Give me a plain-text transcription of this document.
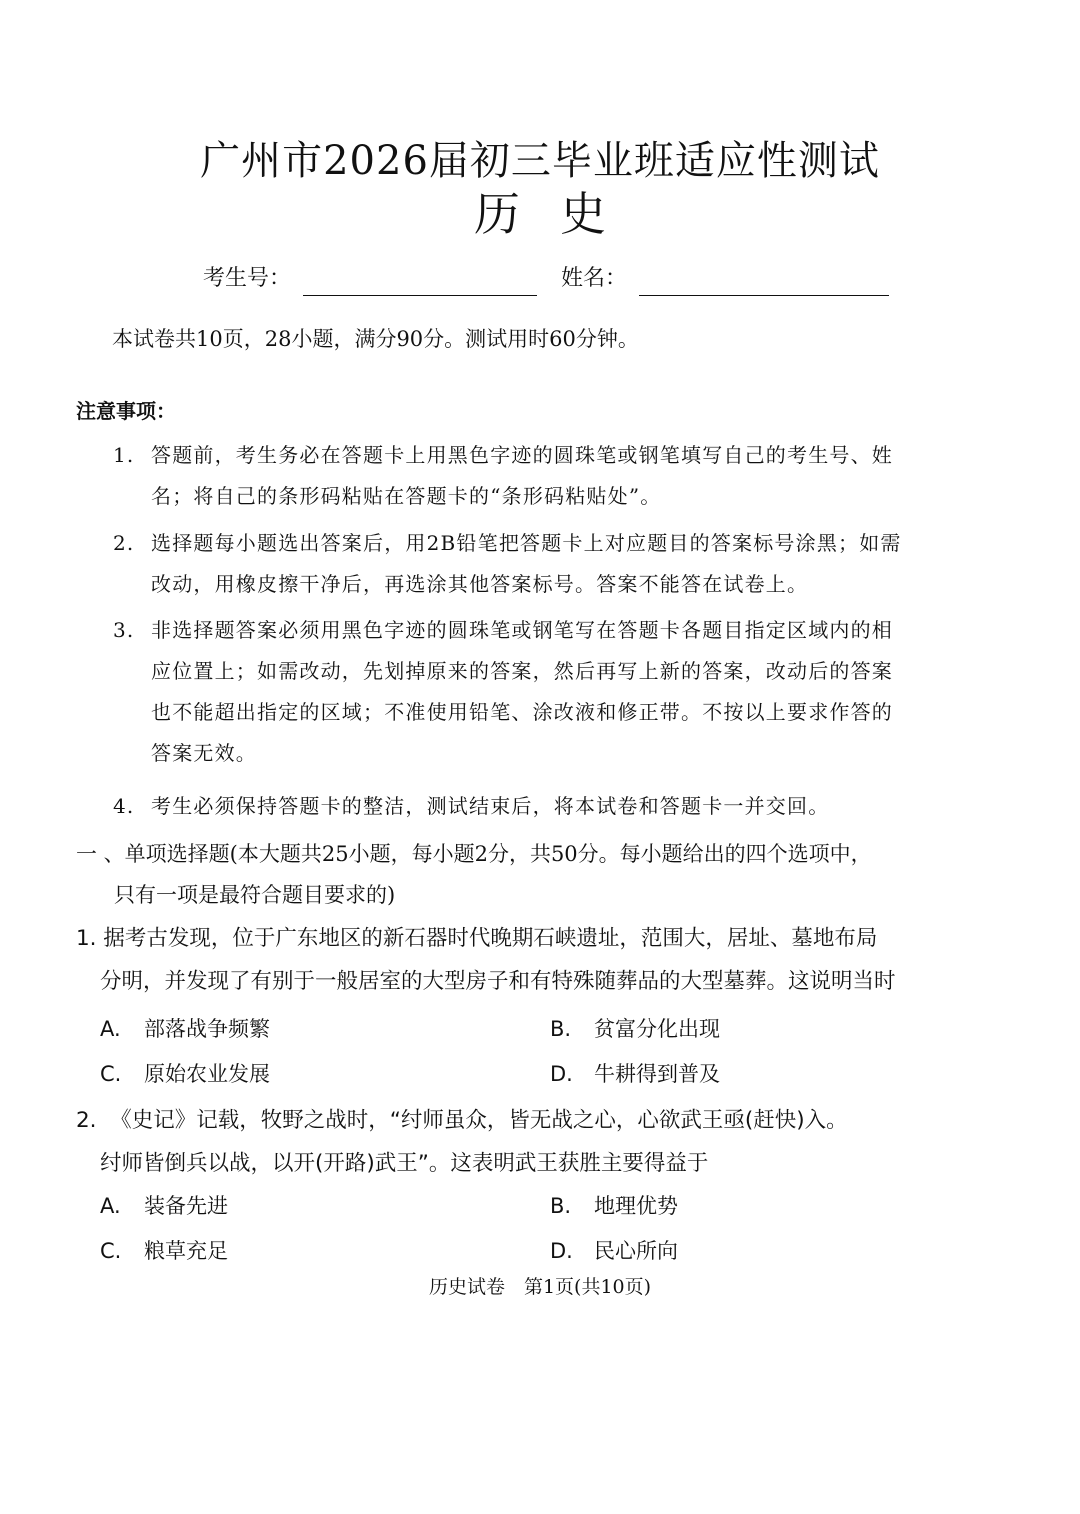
广州市2026届初三毕业班适应性测试
历史
考生号：	姓名：
本试卷共10页，28小题，满分90分。测试用时60分钟。
注意事项：
1. 答题前，考生务必在答题卡上用黑色字迹的圆珠笔或钢笔填写自己的考生号、姓
名；将自己的条形码粘贴在答题卡的“条形码粘贴处”。
2. 选择题每小题选出答案后，用2B铅笔把答题卡上对应题目的答案标号涂黑；如需
改动，用橡皮擦干净后，再选涂其他答案标号。答案不能答在试卷上。
3. 非选择题答案必须用黑色字迹的圆珠笔或钢笔写在答题卡各题目指定区域内的相
应位置上；如需改动，先划掉原来的答案，然后再写上新的答案，改动后的答案
也不能超出指定的区域；不准使用铅笔、涂改液和修正带。不按以上要求作答的
答案无效。
4. 考生必须保持答题卡的整洁，测试结束后，将本试卷和答题卡一并交回。
一 、单项选择题(本大题共25小题，每小题2分，共50分。每小题给出的四个选项中，
只有一项是最符合题目要求的)
1. 据考古发现，位于广东地区的新石器时代晚期石峡遗址，范围大，居址、墓地布局
分明，并发现了有别于一般居室的大型房子和有特殊随葬品的大型墓葬。这说明当时
A. 部落战争频繁	B. 贫富分化出现
C. 原始农业发展	D. 牛耕得到普及
2. 《史记》记载，牧野之战时，“纣师虽众，皆无战之心，心欲武王亟(赶快)入。
纣师皆倒兵以战，以开(开路)武王”。这表明武王获胜主要得益于
A. 装备先进	B. 地理优势
C. 粮草充足	D. 民心所向
历史试卷　第1页(共10页)
